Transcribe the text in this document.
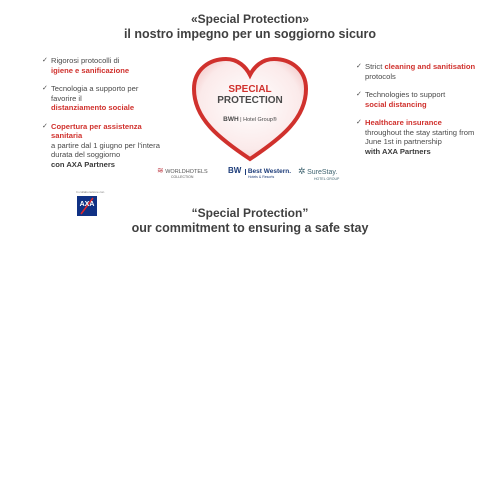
«Special Protection»
il nostro impegno per un soggiorno sicuro
✓ Rigorosi protocolli di
igiene e sanificazione
✓ Tecnologia a supporto per favorire il
distanziamento sociale
✓ Copertura per assistenza sanitaria
a partire dal 1 giugno per l’intera durata del soggiorno
con AXA Partners
SPECIAL
PROTECTION
BWH | Hotel Group®
✓ Strict cleaning and sanitisation protocols
✓ Technologies to support
social distancing
✓ Healthcare insurance
throughout the stay starting from June 1st in partnership
with AXA Partners
≋ WORLDHOTELS
COLLECTION
BW Best Western.
Hotels & Resorts
✲ SureStay.
HOTEL GROUP
In collaborazione con
AXA
“Special Protection”
our commitment to ensuring a safe stay
